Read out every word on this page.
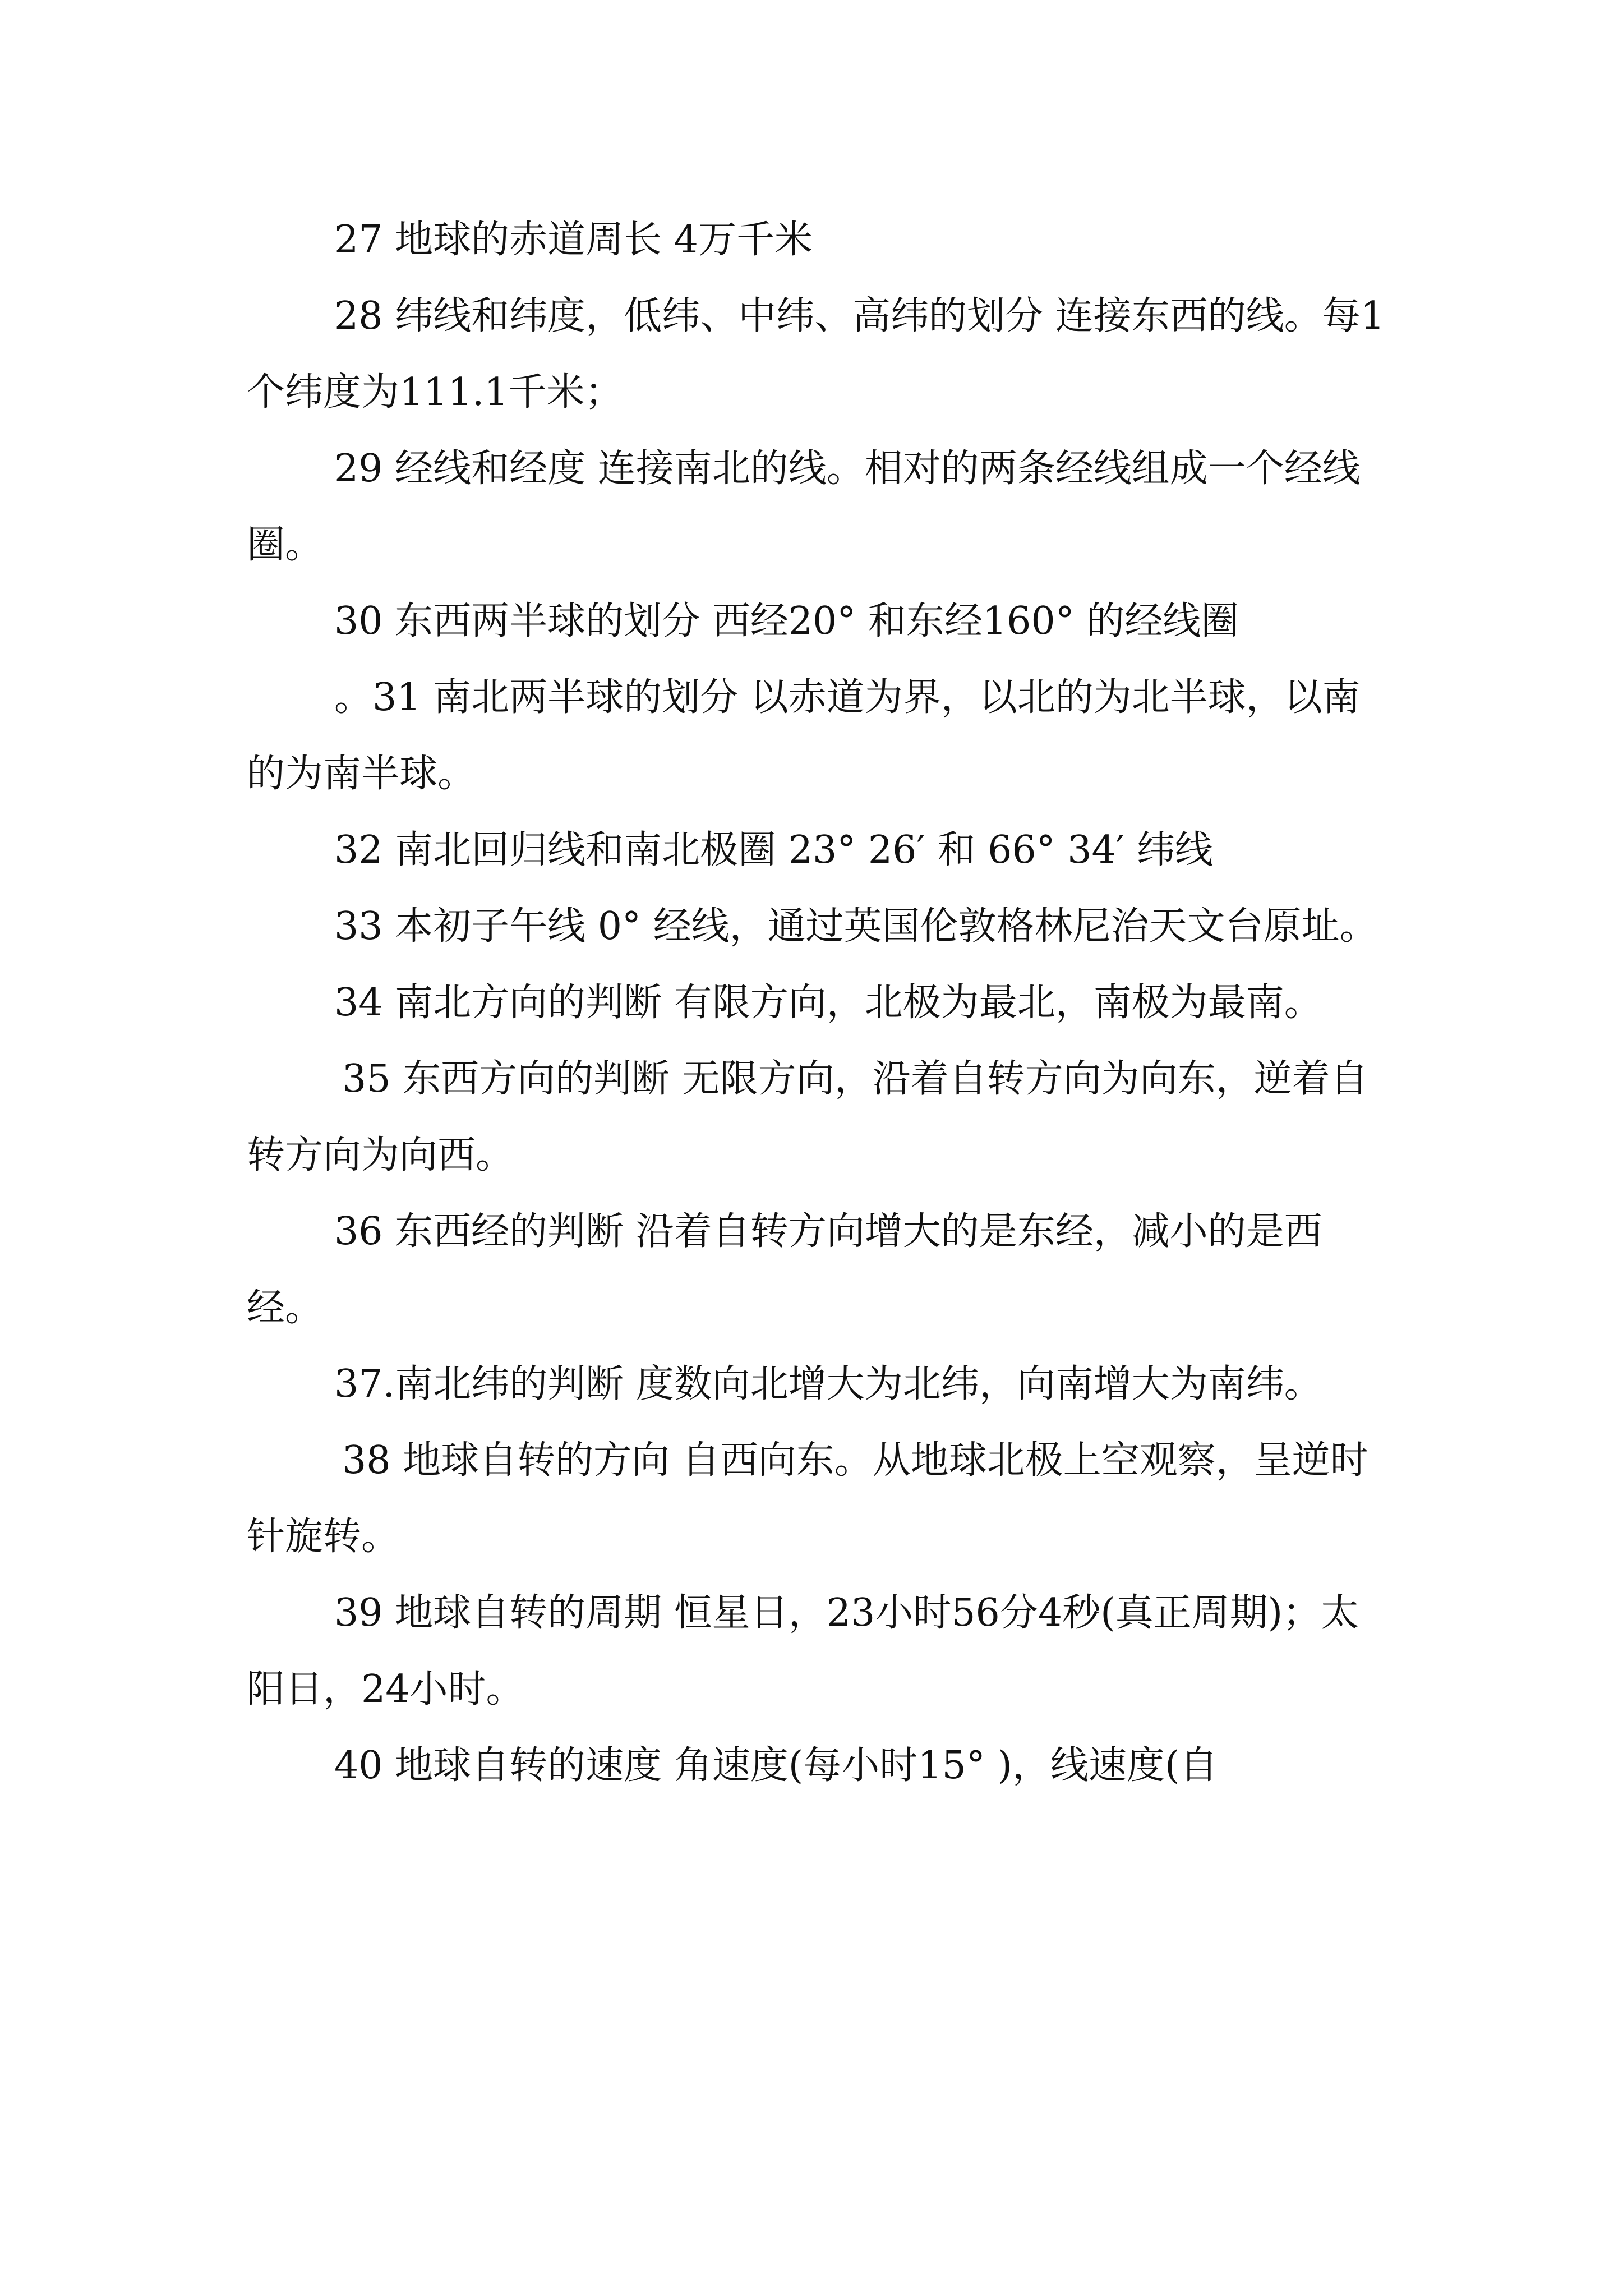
27 地球的赤道周长 4万千米

28 纬线和纬度，低纬、中纬、高纬的划分 连接东西的线。每1个纬度为111.1千米；

29 经线和经度 连接南北的线。相对的两条经线组成一个经线圈。

30 东西两半球的划分 西经20° 和东经160° 的经线圈

。31 南北两半球的划分 以赤道为界，以北的为北半球，以南的为南半球。

32 南北回归线和南北极圈 23° 26′ 和 66° 34′ 纬线

33 本初子午线 0° 经线，通过英国伦敦格林尼治天文台原址。

34 南北方向的判断 有限方向，北极为最北，南极为最南。

35 东西方向的判断 无限方向，沿着自转方向为向东，逆着自转方向为向西。

36 东西经的判断 沿着自转方向增大的是东经，减小的是西经。

37.南北纬的判断 度数向北增大为北纬，向南增大为南纬。

38 地球自转的方向 自西向东。从地球北极上空观察，呈逆时针旋转。

39 地球自转的周期 恒星日，23小时56分4秒(真正周期)；太阳日，24小时。

40 地球自转的速度 角速度(每小时15° )，线速度(自
